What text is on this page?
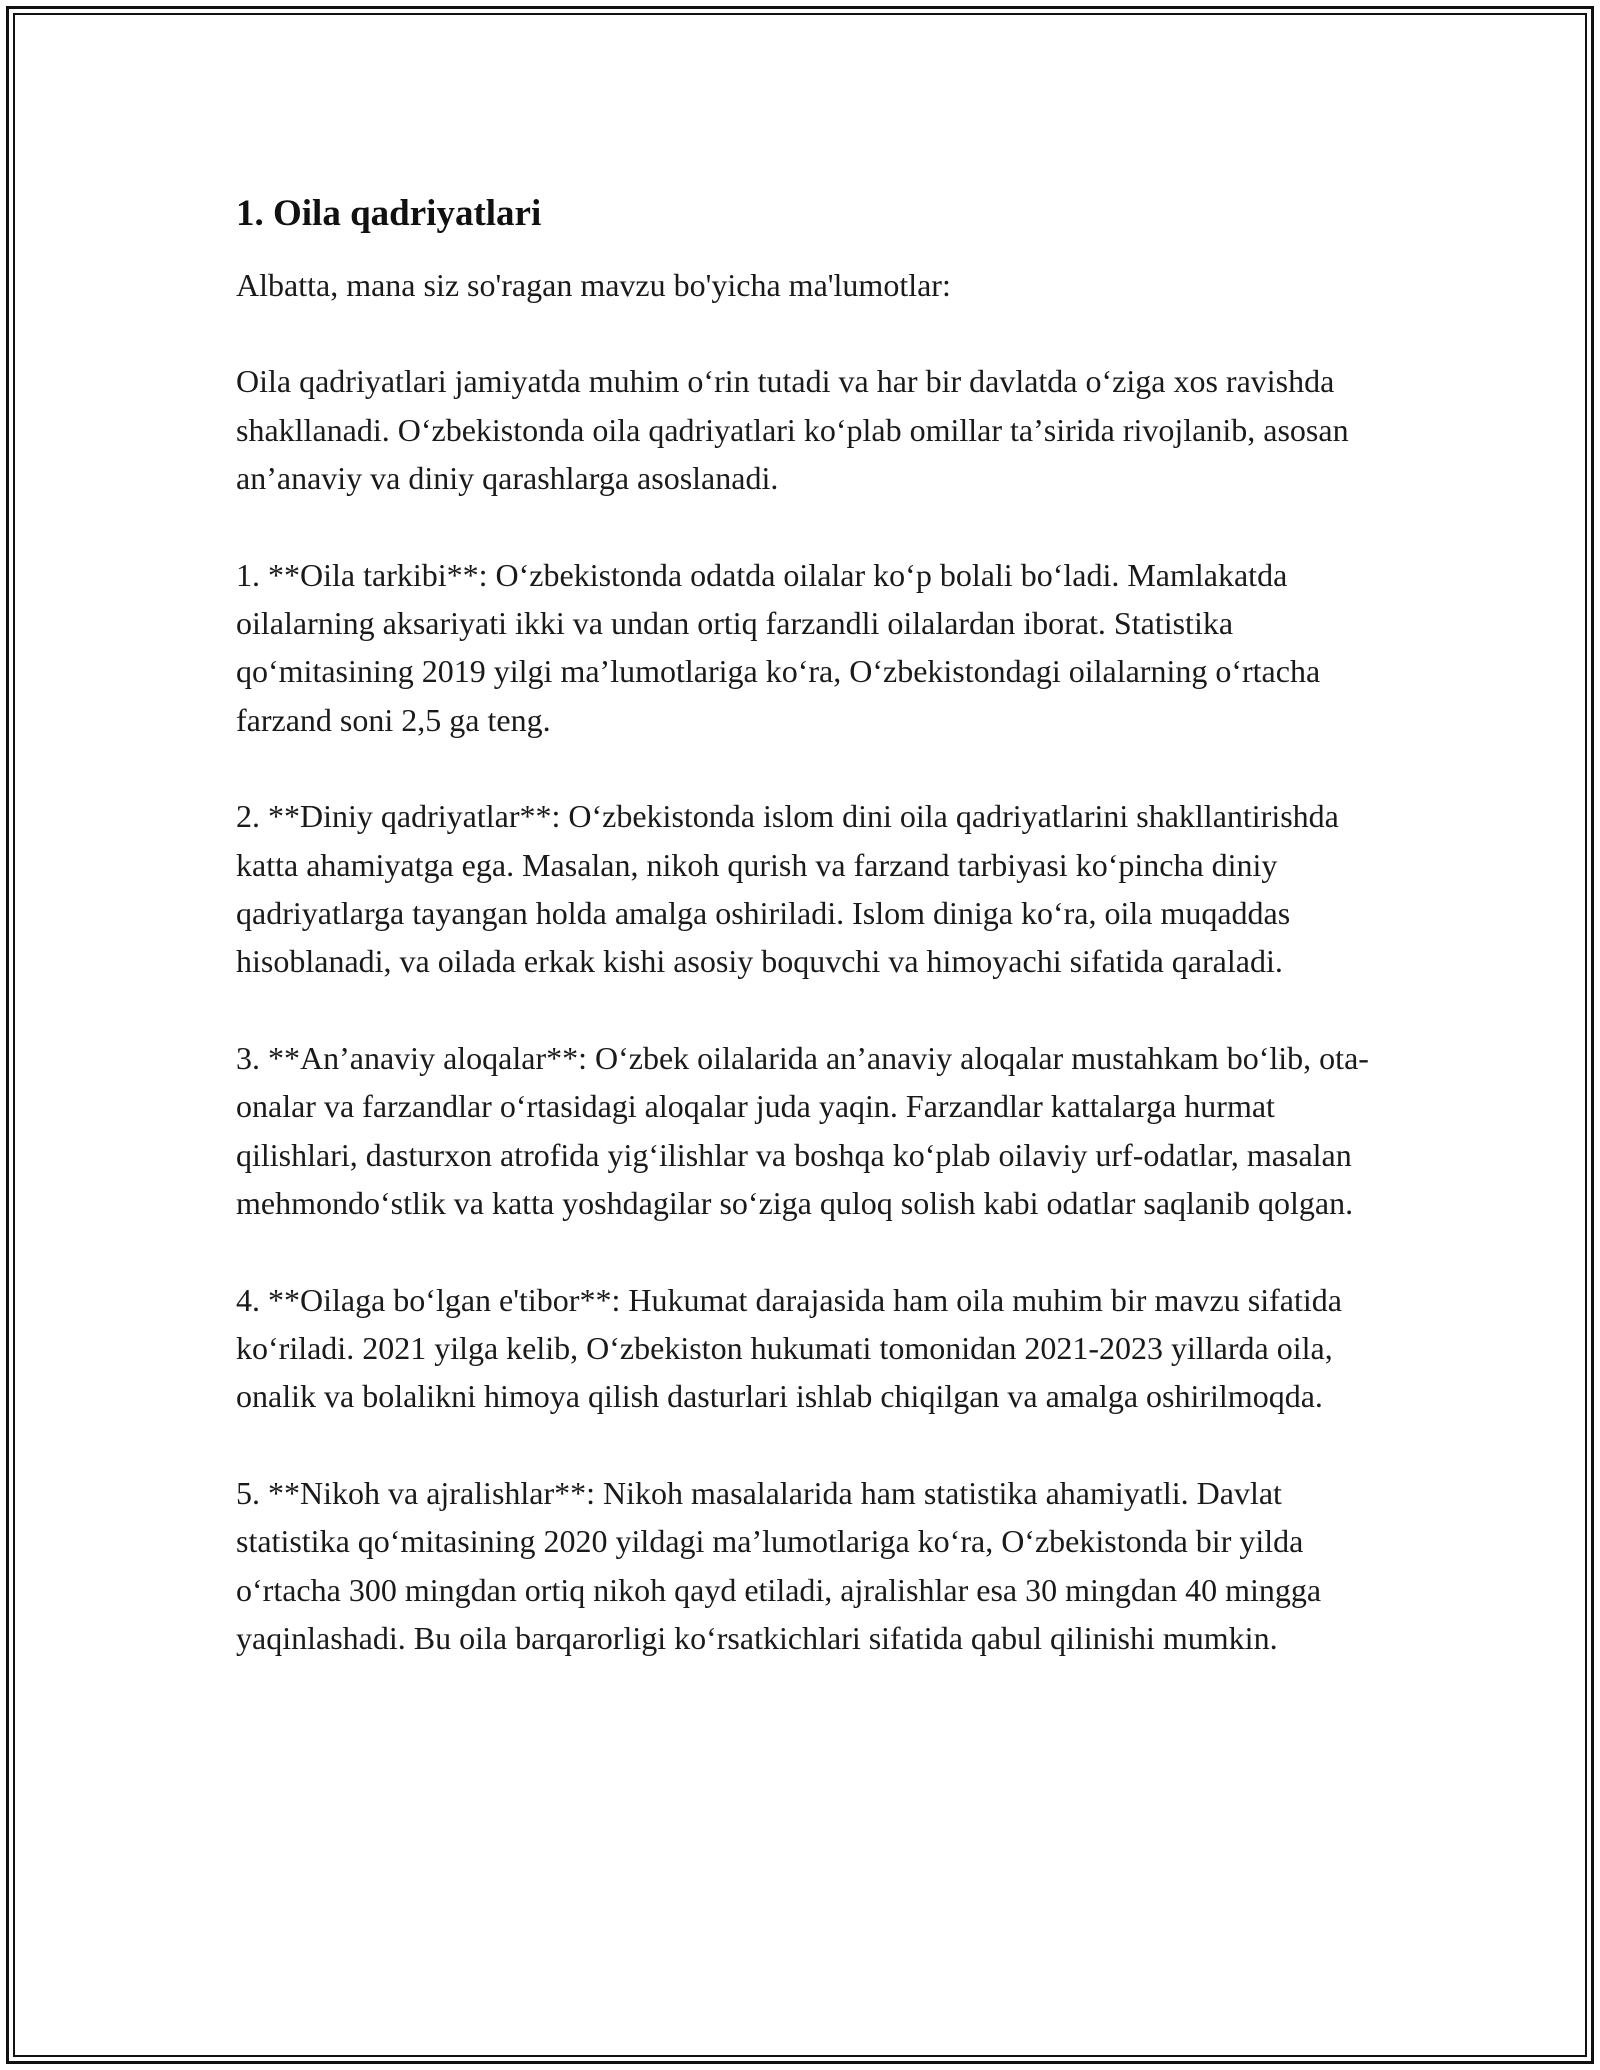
1. Oila qadriyatlari

Albatta, mana siz so'ragan mavzu bo'yicha ma'lumotlar:

Oila qadriyatlari jamiyatda muhim oʻrin tutadi va har bir davlatda oʻziga xos ravishda shakllanadi. Oʻzbekistonda oila qadriyatlari koʻplab omillar taʼsirida rivojlanib, asosan anʼanaviy va diniy qarashlarga asoslanadi.

1. **Oila tarkibi**: Oʻzbekistonda odatda oilalar koʻp bolali boʻladi. Mamlakatda oilalarning aksariyati ikki va undan ortiq farzandli oilalardan iborat. Statistika qoʻmitasining 2019 yilgi maʼlumotlariga koʻra, Oʻzbekistondagi oilalarning oʻrtacha farzand soni 2,5 ga teng.

2. **Diniy qadriyatlar**: Oʻzbekistonda islom dini oila qadriyatlarini shakllantirishda katta ahamiyatga ega. Masalan, nikoh qurish va farzand tarbiyasi koʻpincha diniy qadriyatlarga tayangan holda amalga oshiriladi. Islom diniga koʻra, oila muqaddas hisoblanadi, va oilada erkak kishi asosiy boquvchi va himoyachi sifatida qaraladi.

3. **Anʼanaviy aloqalar**: Oʻzbek oilalarida anʼanaviy aloqalar mustahkam boʻlib, ota-onalar va farzandlar oʻrtasidagi aloqalar juda yaqin. Farzandlar kattalarga hurmat qilishlari, dasturxon atrofida yigʻilishlar va boshqa koʻplab oilaviy urf-odatlar, masalan mehmondoʻstlik va katta yoshdagilar soʻziga quloq solish kabi odatlar saqlanib qolgan.

4. **Oilaga boʻlgan e'tibor**: Hukumat darajasida ham oila muhim bir mavzu sifatida koʻriladi. 2021 yilga kelib, Oʻzbekiston hukumati tomonidan 2021-2023 yillarda oila, onalik va bolalikni himoya qilish dasturlari ishlab chiqilgan va amalga oshirilmoqda.

5. **Nikoh va ajralishlar**: Nikoh masalalarida ham statistika ahamiyatli. Davlat statistika qoʻmitasining 2020 yildagi maʼlumotlariga koʻra, Oʻzbekistonda bir yilda oʻrtacha 300 mingdan ortiq nikoh qayd etiladi, ajralishlar esa 30 mingdan 40 mingga yaqinlashadi. Bu oila barqarorligi koʻrsatkichlari sifatida qabul qilinishi mumkin.
